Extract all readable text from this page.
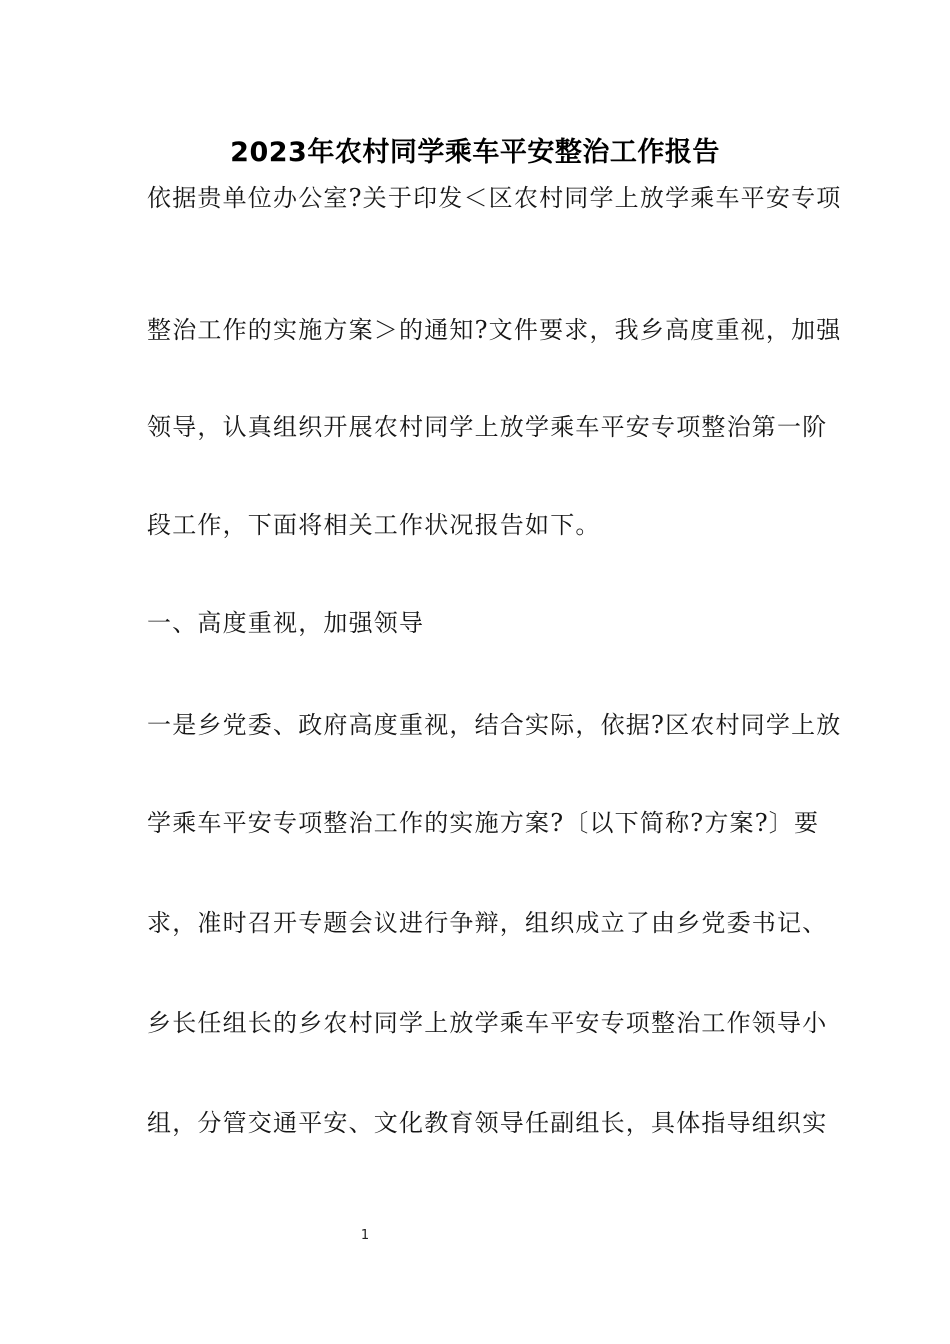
2023年农村同学乘车平安整治工作报告
依据贵单位办公室?关于印发＜区农村同学上放学乘车平安专项
整治工作的实施方案＞的通知?文件要求，我乡高度重视，加强
领导，认真组织开展农村同学上放学乘车平安专项整治第一阶
段工作，下面将相关工作状况报告如下。
一、高度重视，加强领导
一是乡党委、政府高度重视，结合实际，依据?区农村同学上放
学乘车平安专项整治工作的实施方案?〔以下简称?方案?〕要
求，准时召开专题会议进行争辩，组织成立了由乡党委书记、
乡长任组长的乡农村同学上放学乘车平安专项整治工作领导小
组，分管交通平安、文化教育领导任副组长，具体指导组织实
1
